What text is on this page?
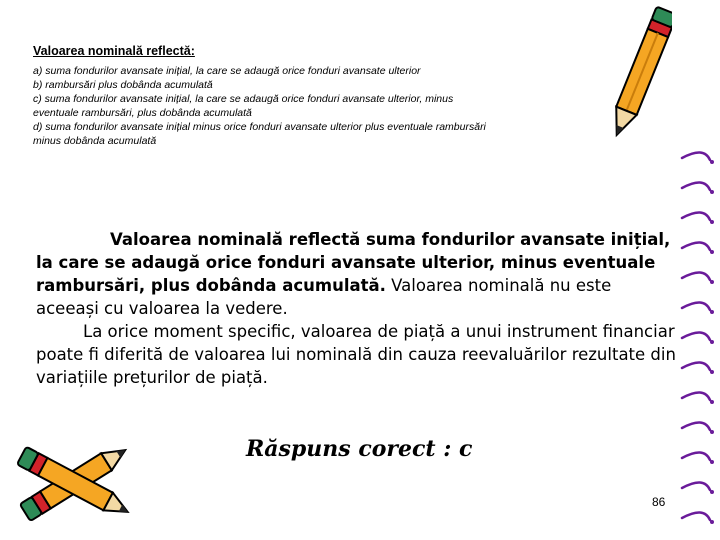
Valoarea nominală reflectă:
a) suma fondurilor avansate inițial, la care se adaugă orice fonduri avansate ulterior
b) rambursări plus dobânda acumulată
c) suma fondurilor avansate inițial, la care se adaugă orice fonduri avansate ulterior, minus
eventuale rambursări, plus dobânda acumulată
d) suma fondurilor avansate inițial minus orice fonduri avansate ulterior plus eventuale rambursări
minus dobânda acumulată

Valoarea nominală reflectă suma fondurilor avansate inițial, la care se adaugă orice fonduri avansate ulterior, minus eventuale rambursări, plus dobânda acumulată. Valoarea nominală nu este aceeași cu valoarea la vedere.

La orice moment specific, valoarea de piață a unui instrument financiar poate fi diferită de valoarea lui nominală din cauza reevaluărilor rezultate din variațiile prețurilor de piață.

Răspuns corect : c
86
